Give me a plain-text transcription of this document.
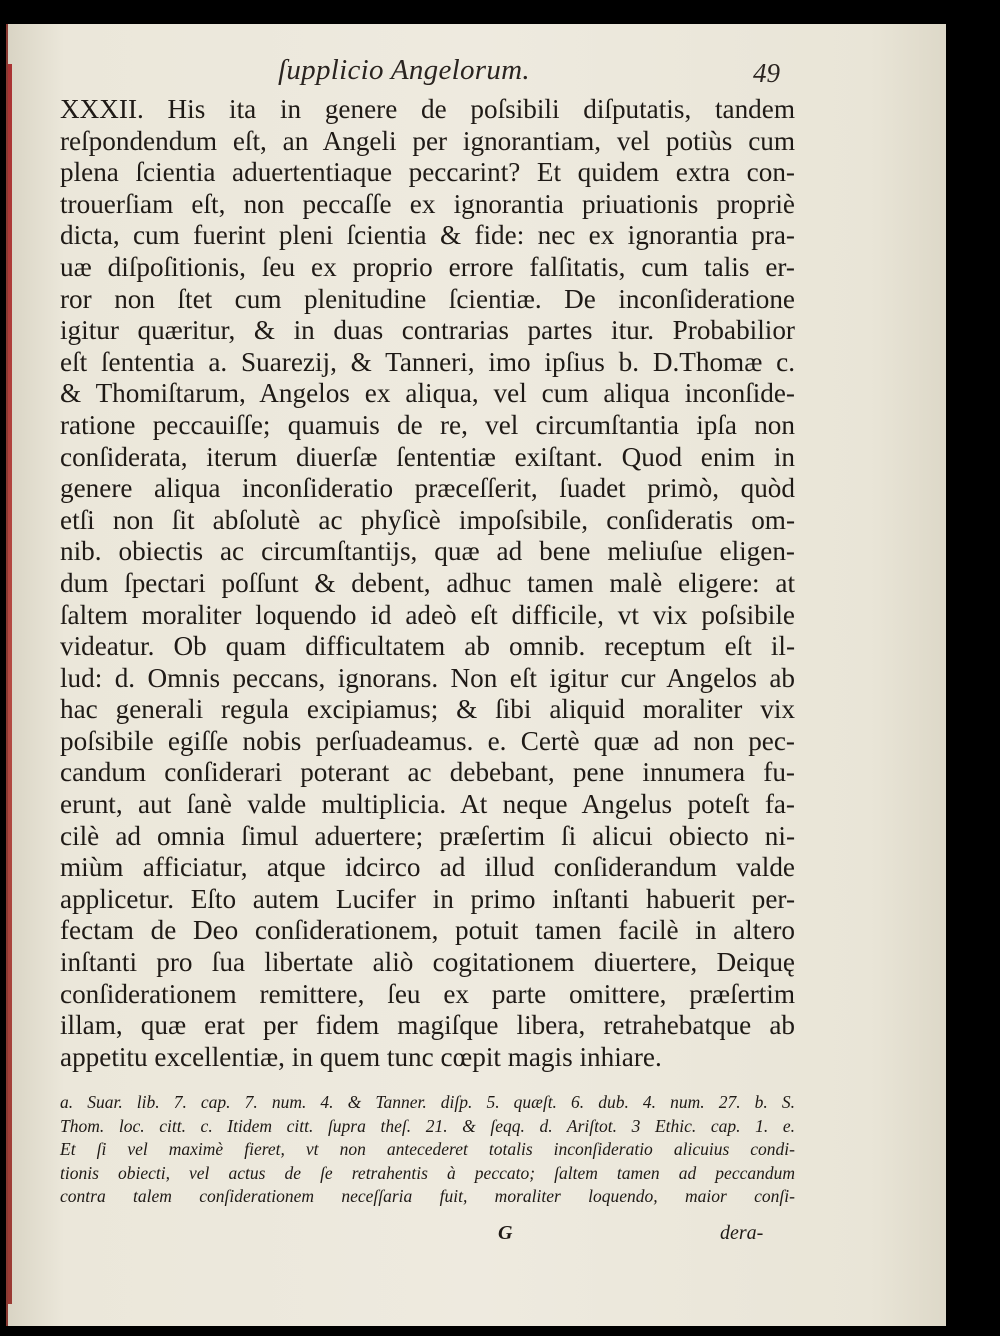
ſupplicio Angelorum.	49
XXXII. His ita in genere de poſsibili diſputatis, tandem
reſpondendum eſt, an Angeli per ignorantiam, vel potiùs cum
plena ſcientia aduertentiaque peccarint? Et quidem extra con-
trouerſiam eſt, non peccaſſe ex ignorantia priuationis propriè
dicta, cum fuerint pleni ſcientia & fide: nec ex ignorantia pra-
uæ diſpoſitionis, ſeu ex proprio errore falſitatis, cum talis er-
ror non ſtet cum plenitudine ſcientiæ. De inconſideratione
igitur quæritur, & in duas contrarias partes itur. Probabilior
eſt ſententia a. Suarezij, & Tanneri, imo ipſius b. D.Thomæ c.
& Thomiſtarum, Angelos ex aliqua, vel cum aliqua inconſide-
ratione peccauiſſe; quamuis de re, vel circumſtantia ipſa non
conſiderata, iterum diuerſæ ſententiæ exiſtant. Quod enim in
genere aliqua inconſideratio præceſſerit, ſuadet primò, quòd
etſi non ſit abſolutè ac phyſicè impoſsibile, conſideratis om-
nib. obiectis ac circumſtantijs, quæ ad bene meliuſue eligen-
dum ſpectari poſſunt & debent, adhuc tamen malè eligere: at
ſaltem moraliter loquendo id adeò eſt difficile, vt vix poſsibile
videatur. Ob quam difficultatem ab omnib. receptum eſt il-
lud: d. Omnis peccans, ignorans. Non eſt igitur cur Angelos ab
hac generali regula excipiamus; & ſibi aliquid moraliter vix
poſsibile egiſſe nobis perſuadeamus. e. Certè quæ ad non pec-
candum conſiderari poterant ac debebant, pene innumera fu-
erunt, aut ſanè valde multiplicia. At neque Angelus poteſt fa-
cilè ad omnia ſimul aduertere; præſertim ſi alicui obiecto ni-
miùm afficiatur, atque idcirco ad illud conſiderandum valde
applicetur. Eſto autem Lucifer in primo inſtanti habuerit per-
fectam de Deo conſiderationem, potuit tamen facilè in altero
inſtanti pro ſua libertate aliò cogitationem diuertere, Deiquę
conſiderationem remittere, ſeu ex parte omittere, præſertim
illam, quæ erat per fidem magiſque libera, retrahebatque ab
appetitu excellentiæ, in quem tunc cœpit magis inhiare.
a. Suar. lib. 7. cap. 7. num. 4. & Tanner. diſp. 5. quæſt. 6. dub. 4. num. 27. b. S.
Thom. loc. citt. c. Itidem citt. ſupra theſ. 21. & ſeqq. d. Ariſtot. 3 Ethic. cap. 1. e.
Et ſi vel maximè fieret, vt non antecederet totalis inconſideratio alicuius condi-
tionis obiecti, vel actus de ſe retrahentis à peccato; ſaltem tamen ad peccandum
contra talem conſiderationem neceſſaria fuit, moraliter loquendo, maior conſi-
G	dera-
